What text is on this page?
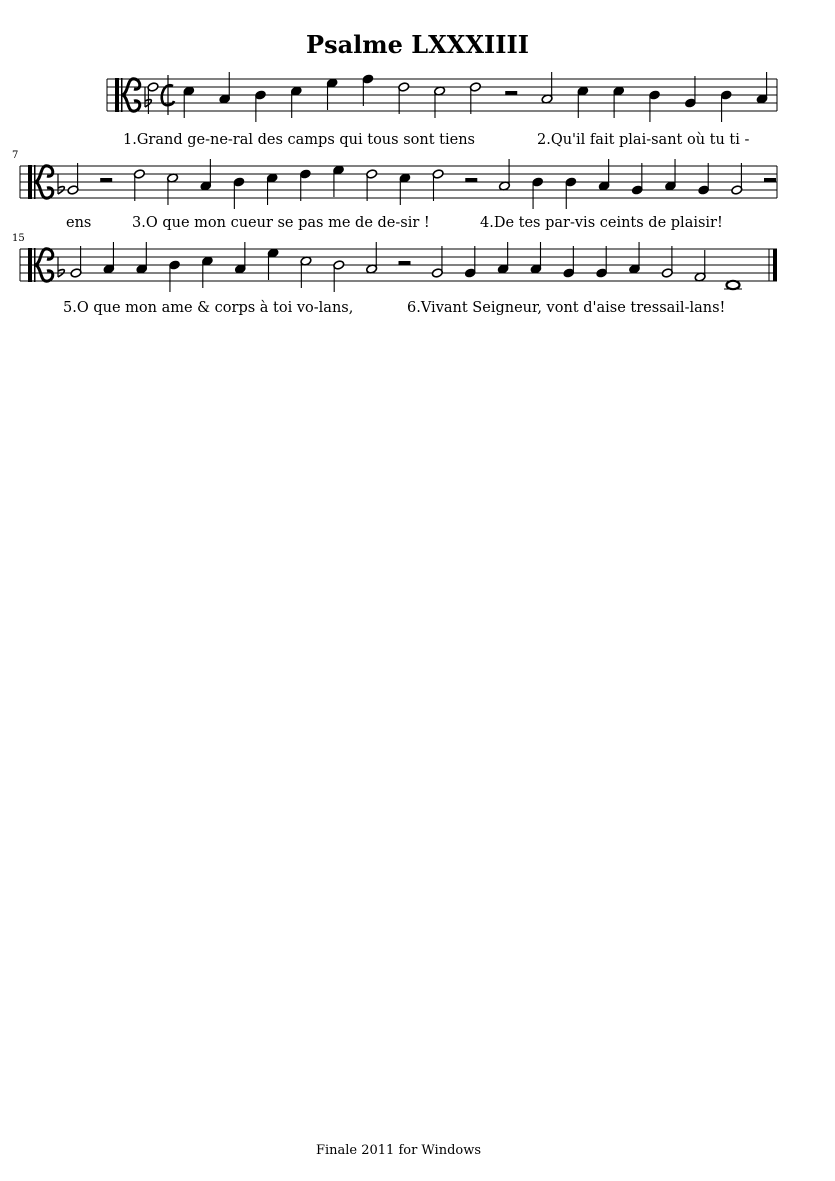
Psalme LXXXIIII
1.Grand ge-ne-ral des camps qui tous sont tiens	2.Qu'il fait plai-sant où tu ti -
7
ens	3.O que mon cueur se pas me de de-sir !	4.De tes par-vis ceints de plaisir!
15
5.O que mon ame & corps à toi vo-lans,	6.Vivant Seigneur, vont d'aise tressail-lans!
Finale 2011 for Windows
